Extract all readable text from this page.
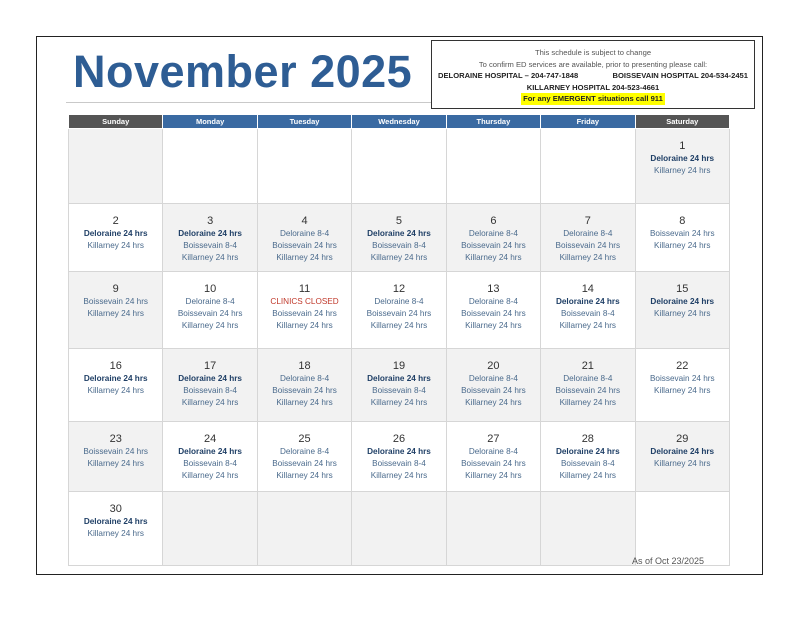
November 2025	This schedule is subject to change
To confirm ED services are available, prior to presenting please call:
DELORAINE HOSPITAL – 204-747-1848	BOISSEVAIN HOSPITAL 204-534-2451
KILLARNEY HOSPITAL 204-523-4661
For any EMERGENT situations call 911
Sunday	Monday	Tuesday	Wednesday	Thursday	Friday	Saturday

						1
Deloraine 24 hrs
Killarney 24 hrs

2
Deloraine 24 hrs
Killarney 24 hrs	3
Deloraine 24 hrs
Boissevain 8-4
Killarney 24 hrs	4
Deloraine 8-4
Boissevain 24 hrs
Killarney 24 hrs	5
Deloraine 24 hrs
Boissevain 8-4
Killarney 24 hrs	6
Deloraine 8-4
Boissevain 24 hrs
Killarney 24 hrs	7
Deloraine 8-4
Boissevain 24 hrs
Killarney 24 hrs	8
Boissevain 24 hrs
Killarney 24 hrs

9
Boissevain 24 hrs
Killarney 24 hrs	10
Deloraine 8-4
Boissevain 24 hrs
Killarney 24 hrs	11
CLINICS CLOSED
Boissevain 24 hrs
Killarney 24 hrs	12
Deloraine 8-4
Boissevain 24 hrs
Killarney 24 hrs	13
Deloraine 8-4
Boissevain 24 hrs
Killarney 24 hrs	14
Deloraine 24 hrs
Boissevain 8-4
Killarney 24 hrs	15
Deloraine 24 hrs
Killarney 24 hrs

16
Deloraine 24 hrs
Killarney 24 hrs	17
Deloraine 24 hrs
Boissevain 8-4
Killarney 24 hrs	18
Deloraine 8-4
Boissevain 24 hrs
Killarney 24 hrs	19
Deloraine 24 hrs
Boissevain 8-4
Killarney 24 hrs	20
Deloraine 8-4
Boissevain 24 hrs
Killarney 24 hrs	21
Deloraine 8-4
Boissevain 24 hrs
Killarney 24 hrs	22
Boissevain 24 hrs
Killarney 24 hrs

23
Boissevain 24 hrs
Killarney 24 hrs	24
Deloraine 24 hrs
Boissevain 8-4
Killarney 24 hrs	25
Deloraine 8-4
Boissevain 24 hrs
Killarney 24 hrs	26
Deloraine 24 hrs
Boissevain 8-4
Killarney 24 hrs	27
Deloraine 8-4
Boissevain 24 hrs
Killarney 24 hrs	28
Deloraine 24 hrs
Boissevain 8-4
Killarney 24 hrs	29
Deloraine 24 hrs
Killarney 24 hrs

30
Deloraine 24 hrs
Killarney 24 hrs						

As of Oct 23/2025
